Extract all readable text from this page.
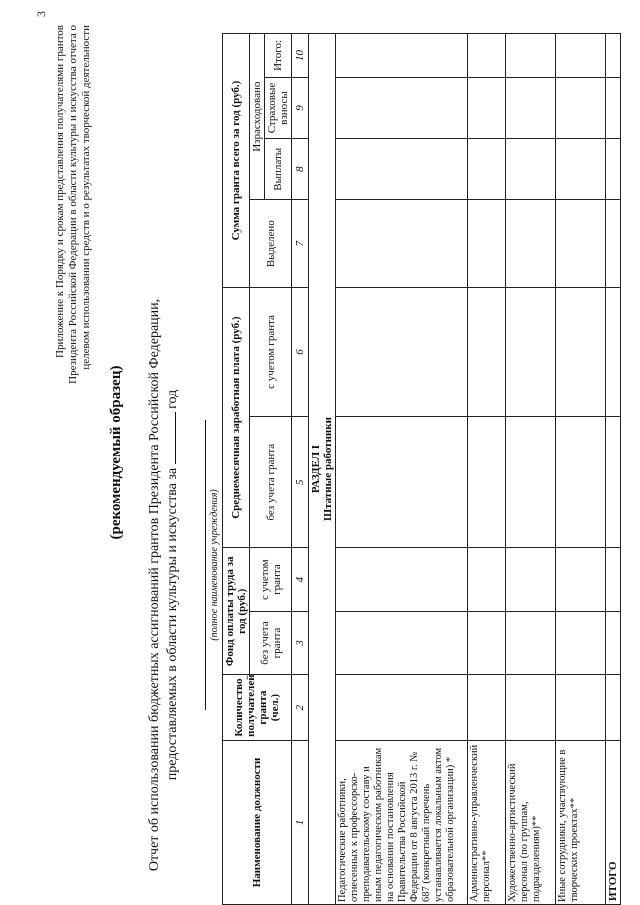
3
Приложение к Порядку и срокам представления получателями грантов Президента Российской Федерации в области культуры и искусства отчета о целевом использовании средств и о результатах творческой деятельности
(рекомендуемый образец) Отчет об использовании бюджетных ассигнований грантов Президента Российской Федерации, предоставляемых в области культуры и искусства за  год
(полное наименование учреждения)
Наименование должности	Количество получателей гранта (чел.)	Фонд оплаты труда за год (руб.)		Среднемесячная заработная плата (руб.)		Сумма гранта всего за год (руб.)			
		без учета гранта	с учетом гранта	без учета гранта	с учетом гранта	Выделено	Израсходовано		
							Выплаты	Страховые взносы	Итого:
1	2	3	4	5	6	7	8	9	10

РАЗДЕЛ I Штатные работники									

Педагогические работники, отнесенных к профессорско-преподавательскому составу и иным педагогическим работникам на основании постановления Правительства Российской Федерации от 8 августа 2013 г. № 687 (конкретный перечень устанавливается локальным актом образовательной организации) *									
Административно-управленческий персонал**									
Художественно-артистический персонал (по группам, подразделениям)**									
Иные сотрудники, участвующие в творческих проектах**									
ИТОГО									
